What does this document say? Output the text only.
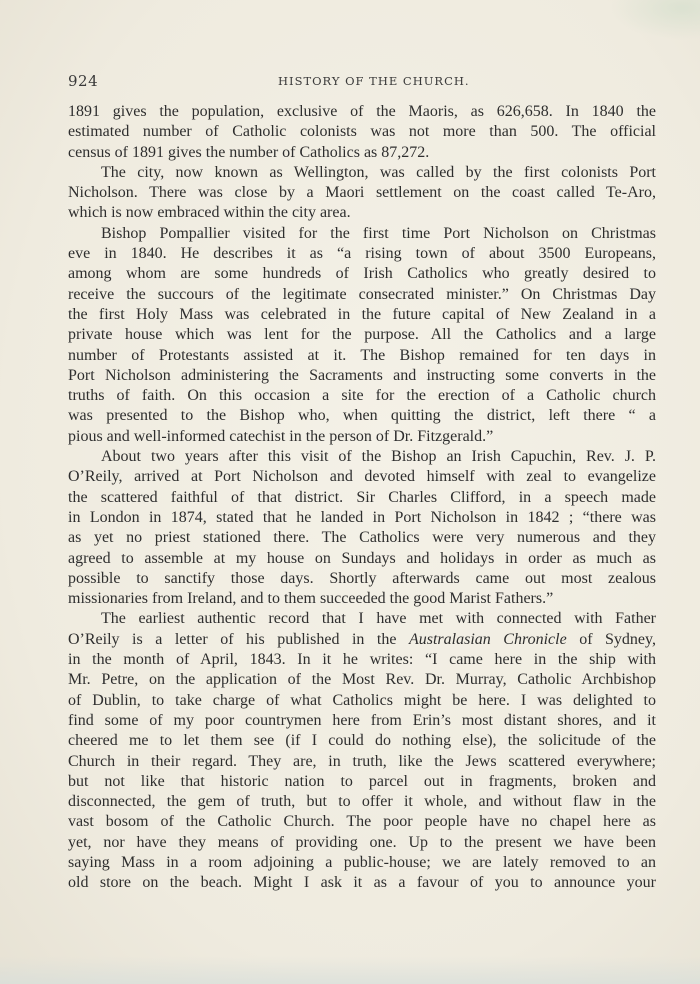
924	HISTORY OF THE CHURCH.
1891 gives the population, exclusive of the Maoris, as 626,658. In 1840 the
estimated number of Catholic colonists was not more than 500. The official
census of 1891 gives the number of Catholics as 87,272.
The city, now known as Wellington, was called by the first colonists Port
Nicholson. There was close by a Maori settlement on the coast called Te-Aro,
which is now embraced within the city area.
Bishop Pompallier visited for the first time Port Nicholson on Christmas
eve in 1840. He describes it as “a rising town of about 3500 Europeans,
among whom are some hundreds of Irish Catholics who greatly desired to
receive the succours of the legitimate consecrated minister.” On Christmas Day
the first Holy Mass was celebrated in the future capital of New Zealand in a
private house which was lent for the purpose. All the Catholics and a large
number of Protestants assisted at it. The Bishop remained for ten days in
Port Nicholson administering the Sacraments and instructing some converts in the
truths of faith. On this occasion a site for the erection of a Catholic church
was presented to the Bishop who, when quitting the district, left there “ a
pious and well-informed catechist in the person of Dr. Fitzgerald.”
About two years after this visit of the Bishop an Irish Capuchin, Rev. J. P.
O’Reily, arrived at Port Nicholson and devoted himself with zeal to evangelize
the scattered faithful of that district. Sir Charles Clifford, in a speech made
in London in 1874, stated that he landed in Port Nicholson in 1842 ; “there was
as yet no priest stationed there. The Catholics were very numerous and they
agreed to assemble at my house on Sundays and holidays in order as much as
possible to sanctify those days. Shortly afterwards came out most zealous
missionaries from Ireland, and to them succeeded the good Marist Fathers.”
The earliest authentic record that I have met with connected with Father
O’Reily is a letter of his published in the Australasian Chronicle of Sydney,
in the month of April, 1843. In it he writes: “I came here in the ship with
Mr. Petre, on the application of the Most Rev. Dr. Murray, Catholic Archbishop
of Dublin, to take charge of what Catholics might be here. I was delighted to
find some of my poor countrymen here from Erin’s most distant shores, and it
cheered me to let them see (if I could do nothing else), the solicitude of the
Church in their regard. They are, in truth, like the Jews scattered everywhere;
but not like that historic nation to parcel out in fragments, broken and
disconnected, the gem of truth, but to offer it whole, and without flaw in the
vast bosom of the Catholic Church. The poor people have no chapel here as
yet, nor have they means of providing one. Up to the present we have been
saying Mass in a room adjoining a public-house; we are lately removed to an
old store on the beach. Might I ask it as a favour of you to announce your
